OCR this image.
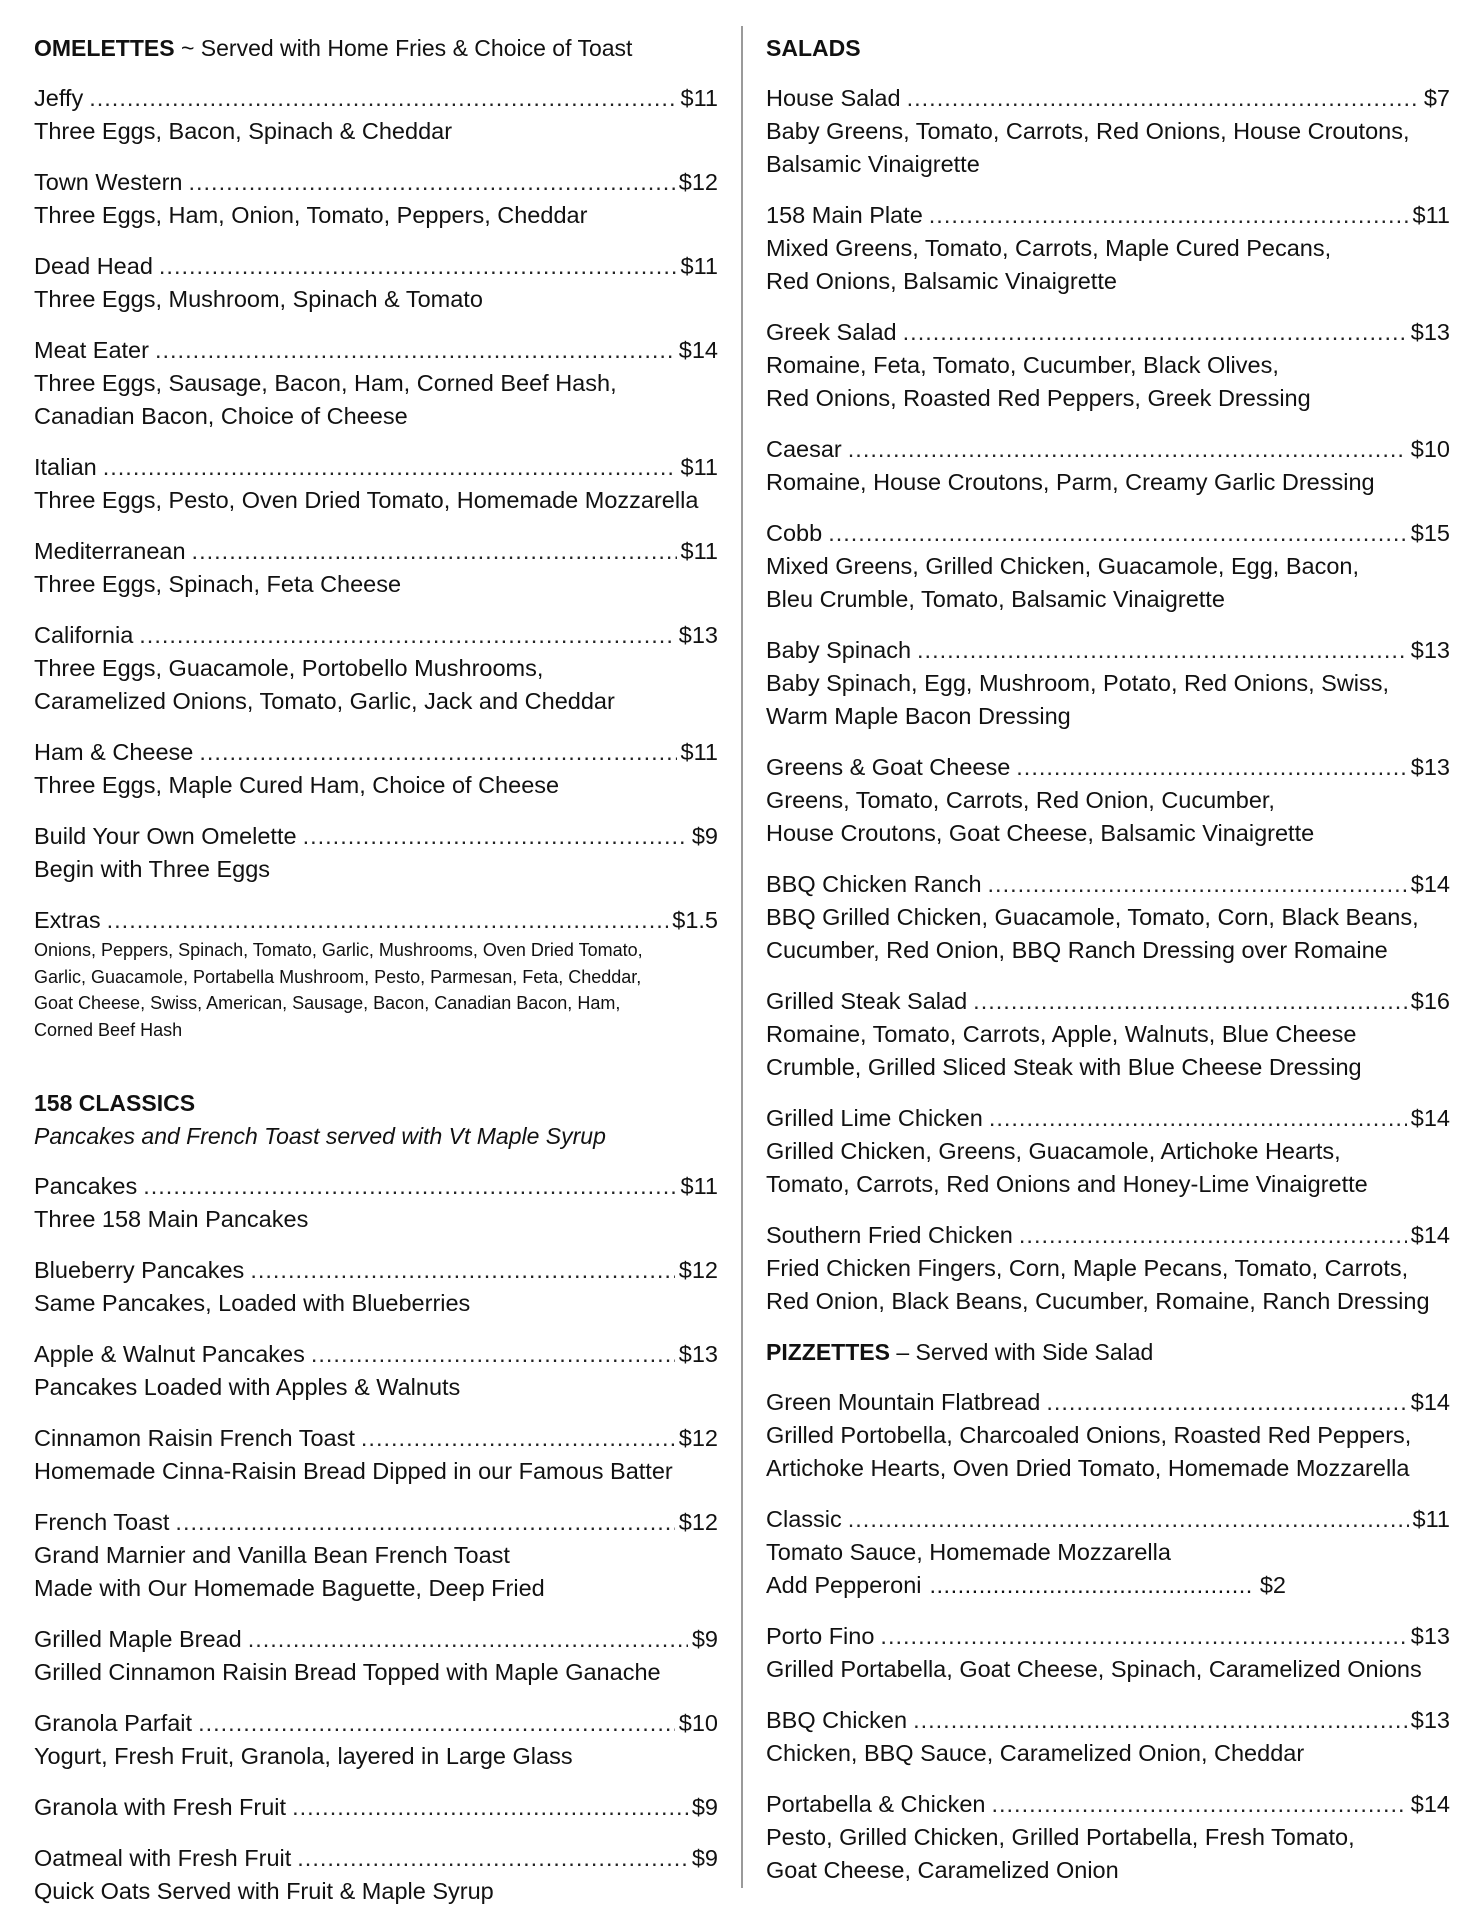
OMELETTES ~ Served with Home Fries & Choice of Toast
Jeffy .....	$11
Three Eggs, Bacon, Spinach & Cheddar
Town Western .....	$12
Three Eggs, Ham, Onion, Tomato, Peppers, Cheddar
Dead Head .....	$11
Three Eggs, Mushroom, Spinach & Tomato
Meat Eater .....	$14
Three Eggs, Sausage, Bacon, Ham, Corned Beef Hash,
Canadian Bacon, Choice of Cheese
Italian .....	$11
Three Eggs, Pesto, Oven Dried Tomato, Homemade Mozzarella
Mediterranean .....	$11
Three Eggs, Spinach, Feta Cheese
California .....	$13
Three Eggs, Guacamole, Portobello Mushrooms,
Caramelized Onions, Tomato, Garlic, Jack and Cheddar
Ham & Cheese .....	$11
Three Eggs, Maple Cured Ham, Choice of Cheese
Build Your Own Omelette .....	$9
Begin with Three Eggs
Extras .....	$1.5
Onions, Peppers, Spinach, Tomato, Garlic, Mushrooms, Oven Dried Tomato,
Garlic, Guacamole, Portabella Mushroom, Pesto, Parmesan, Feta, Cheddar,
Goat Cheese, Swiss, American, Sausage, Bacon, Canadian Bacon, Ham,
Corned Beef Hash
158 CLASSICS
Pancakes and French Toast served with Vt Maple Syrup
Pancakes .....	$11
Three 158 Main Pancakes
Blueberry Pancakes .....	$12
Same Pancakes, Loaded with Blueberries
Apple & Walnut Pancakes .....	$13
Pancakes Loaded with Apples & Walnuts
Cinnamon Raisin French Toast .....	$12
Homemade Cinna-Raisin Bread Dipped in our Famous Batter
French Toast .....	$12
Grand Marnier and Vanilla Bean French Toast
Made with Our Homemade Baguette, Deep Fried
Grilled Maple Bread .....	$9
Grilled Cinnamon Raisin Bread Topped with Maple Ganache
Granola Parfait .....	$10
Yogurt, Fresh Fruit, Granola, layered in Large Glass
Granola with Fresh Fruit .....	$9
Oatmeal with Fresh Fruit .....	$9
Quick Oats Served with Fruit & Maple Syrup
SALADS
House Salad .....	$7
Baby Greens, Tomato, Carrots, Red Onions, House Croutons,
Balsamic Vinaigrette
158 Main Plate .....	$11
Mixed Greens, Tomato, Carrots, Maple Cured Pecans,
Red Onions, Balsamic Vinaigrette
Greek Salad .....	$13
Romaine, Feta, Tomato, Cucumber, Black Olives,
Red Onions, Roasted Red Peppers, Greek Dressing
Caesar .....	$10
Romaine, House Croutons, Parm, Creamy Garlic Dressing
Cobb .....	$15
Mixed Greens, Grilled Chicken, Guacamole, Egg, Bacon,
Bleu Crumble, Tomato, Balsamic Vinaigrette
Baby Spinach .....	$13
Baby Spinach, Egg, Mushroom, Potato, Red Onions, Swiss,
Warm Maple Bacon Dressing
Greens & Goat Cheese .....	$13
Greens, Tomato, Carrots, Red Onion, Cucumber,
House Croutons, Goat Cheese, Balsamic Vinaigrette
BBQ Chicken Ranch .....	$14
BBQ Grilled Chicken, Guacamole, Tomato, Corn, Black Beans,
Cucumber, Red Onion, BBQ Ranch Dressing over Romaine
Grilled Steak Salad .....	$16
Romaine, Tomato, Carrots, Apple, Walnuts, Blue Cheese
Crumble, Grilled Sliced Steak with Blue Cheese Dressing
Grilled Lime Chicken .....	$14
Grilled Chicken, Greens, Guacamole, Artichoke Hearts,
Tomato, Carrots, Red Onions and Honey-Lime Vinaigrette
Southern Fried Chicken .....	$14
Fried Chicken Fingers, Corn, Maple Pecans, Tomato, Carrots,
Red Onion, Black Beans, Cucumber, Romaine, Ranch Dressing
PIZZETTES – Served with Side Salad
Green Mountain Flatbread .....	$14
Grilled Portobella, Charcoaled Onions, Roasted Red Peppers,
Artichoke Hearts, Oven Dried Tomato, Homemade Mozzarella
Classic .....	$11
Tomato Sauce, Homemade Mozzarella
Add Pepperoni .....	$2
Porto Fino .....	$13
Grilled Portabella, Goat Cheese, Spinach, Caramelized Onions
BBQ Chicken .....	$13
Chicken, BBQ Sauce, Caramelized Onion, Cheddar
Portabella & Chicken .....	$14
Pesto, Grilled Chicken, Grilled Portabella, Fresh Tomato,
Goat Cheese, Caramelized Onion
